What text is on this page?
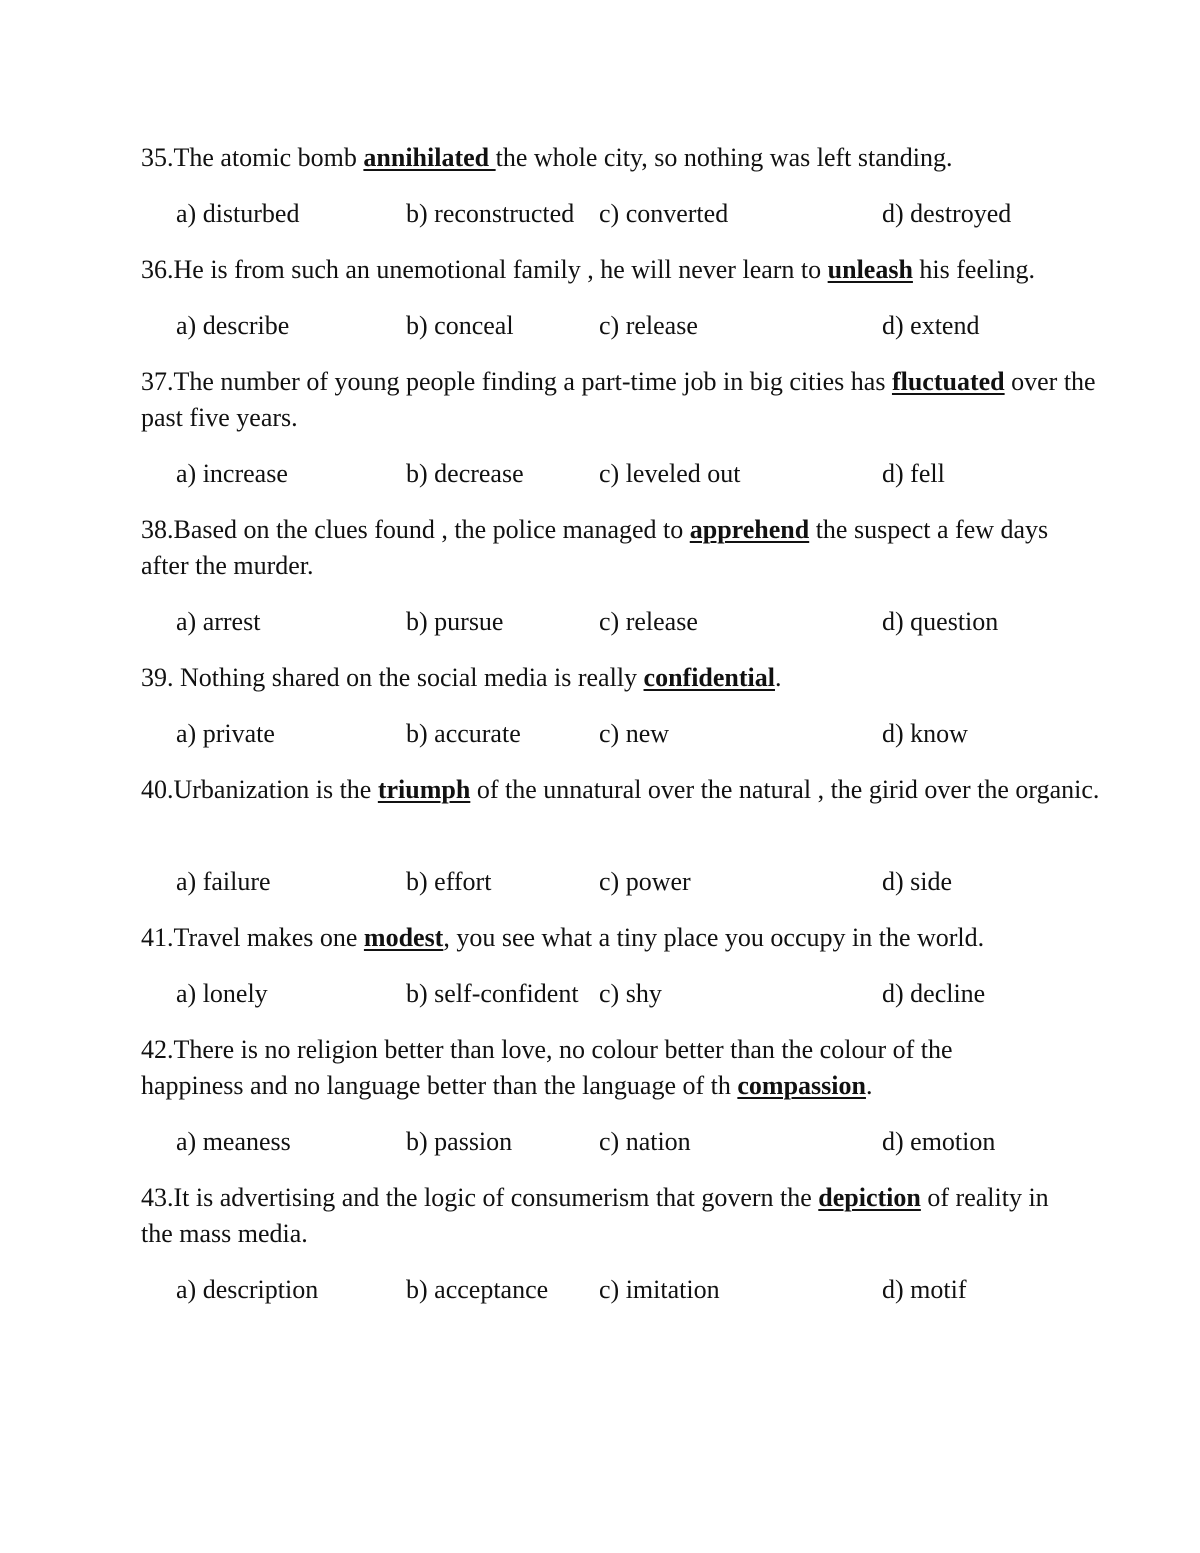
35.The atomic bomb annihilated the whole city, so nothing was left standing.

a) disturbed	b) reconstructed c) converted	d) destroyed

36.He is from such an unemotional family , he will never learn to unleash his feeling.

a) describe	b) conceal	c) release	d) extend

37.The number of young people finding a part-time job in big cities has fluctuated over the past five years.

a) increase	b) decrease	c) leveled out	d) fell

38.Based on the clues found , the police managed to apprehend the suspect a few days after the murder.

a) arrest	b) pursue	c) release	d) question

39. Nothing shared on the social media is really confidential.

a) private	b) accurate	c) new	d) know

40.Urbanization is the triumph of the unnatural over the natural , the girid over the organic.

a) failure	b) effort	c) power	d) side

41.Travel makes one modest, you see what a tiny place you occupy in the world.

a) lonely	b) self-confident c) shy	d) decline

42.There is no religion better than love, no colour better than the colour of the happiness and no language better than the language of th compassion.

a) meaness	b) passion	c) nation	d) emotion

43.It is advertising and the logic of consumerism that govern the depiction of reality in the mass media.

a) description	b) acceptance c) imitation	d) motif
